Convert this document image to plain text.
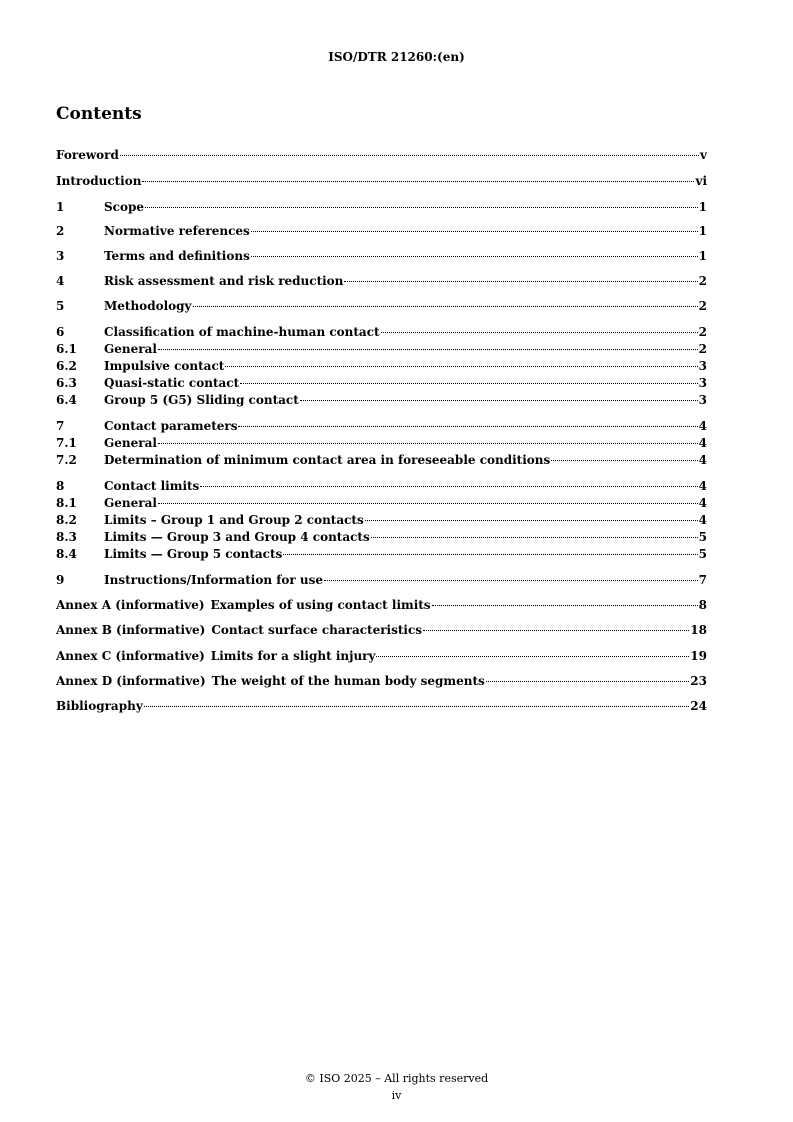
ISO/DTR 21260:(en)
Contents
Foreword	v
Introduction	vi
1	Scope	1
2	Normative references	1
3	Terms and definitions	1
4	Risk assessment and risk reduction	2
5	Methodology	2
6	Classification of machine-human contact	2
6.1	General	2
6.2	Impulsive contact	3
6.3	Quasi-static contact	3
6.4	Group 5 (G5) Sliding contact	3
7	Contact parameters	4
7.1	General	4
7.2	Determination of minimum contact area in foreseeable conditions	4
8	Contact limits	4
8.1	General	4
8.2	Limits – Group 1 and Group 2 contacts	4
8.3	Limits — Group 3 and Group 4 contacts	5
8.4	Limits — Group 5 contacts	5
9	Instructions/Information for use	7
Annex A (informative) Examples of using contact limits	8
Annex B (informative) Contact surface characteristics	18
Annex C (informative) Limits for a slight injury	19
Annex D (informative) The weight of the human body segments	23
Bibliography	24
© ISO 2025 – All rights reserved
iv
